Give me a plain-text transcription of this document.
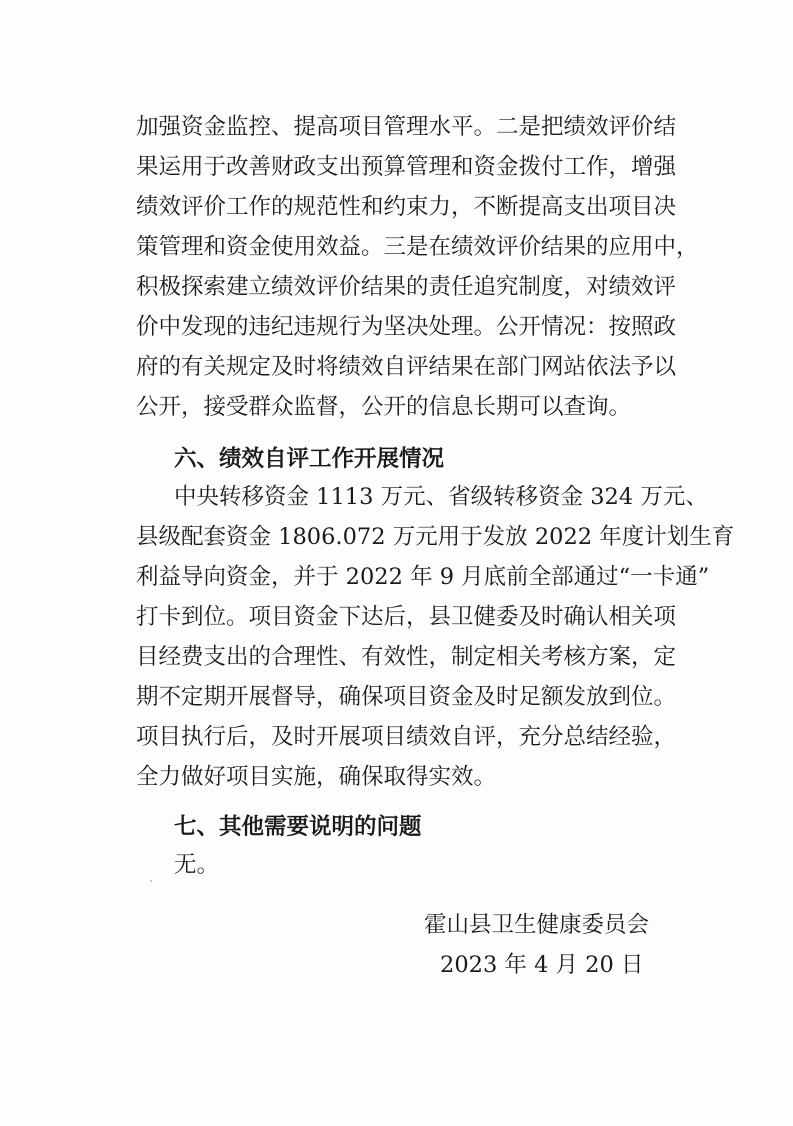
加强资金监控、提高项目管理水平。二是把绩效评价结
果运用于改善财政支出预算管理和资金拨付工作，增强
绩效评价工作的规范性和约束力，不断提高支出项目决
策管理和资金使用效益。三是在绩效评价结果的应用中，
积极探索建立绩效评价结果的责任追究制度，对绩效评
价中发现的违纪违规行为坚决处理。公开情况：按照政
府的有关规定及时将绩效自评结果在部门网站依法予以
公开，接受群众监督，公开的信息长期可以查询。
六、绩效自评工作开展情况
中央转移资金 1113 万元、省级转移资金 324 万元、
县级配套资金 1806.072 万元用于发放 2022 年度计划生育
利益导向资金，并于 2022 年 9 月底前全部通过“一卡通”
打卡到位。项目资金下达后，县卫健委及时确认相关项
目经费支出的合理性、有效性，制定相关考核方案，定
期不定期开展督导，确保项目资金及时足额发放到位。
项目执行后，及时开展项目绩效自评，充分总结经验，
全力做好项目实施，确保取得实效。
七、其他需要说明的问题
无。
霍山县卫生健康委员会
2023 年 4 月 20 日
